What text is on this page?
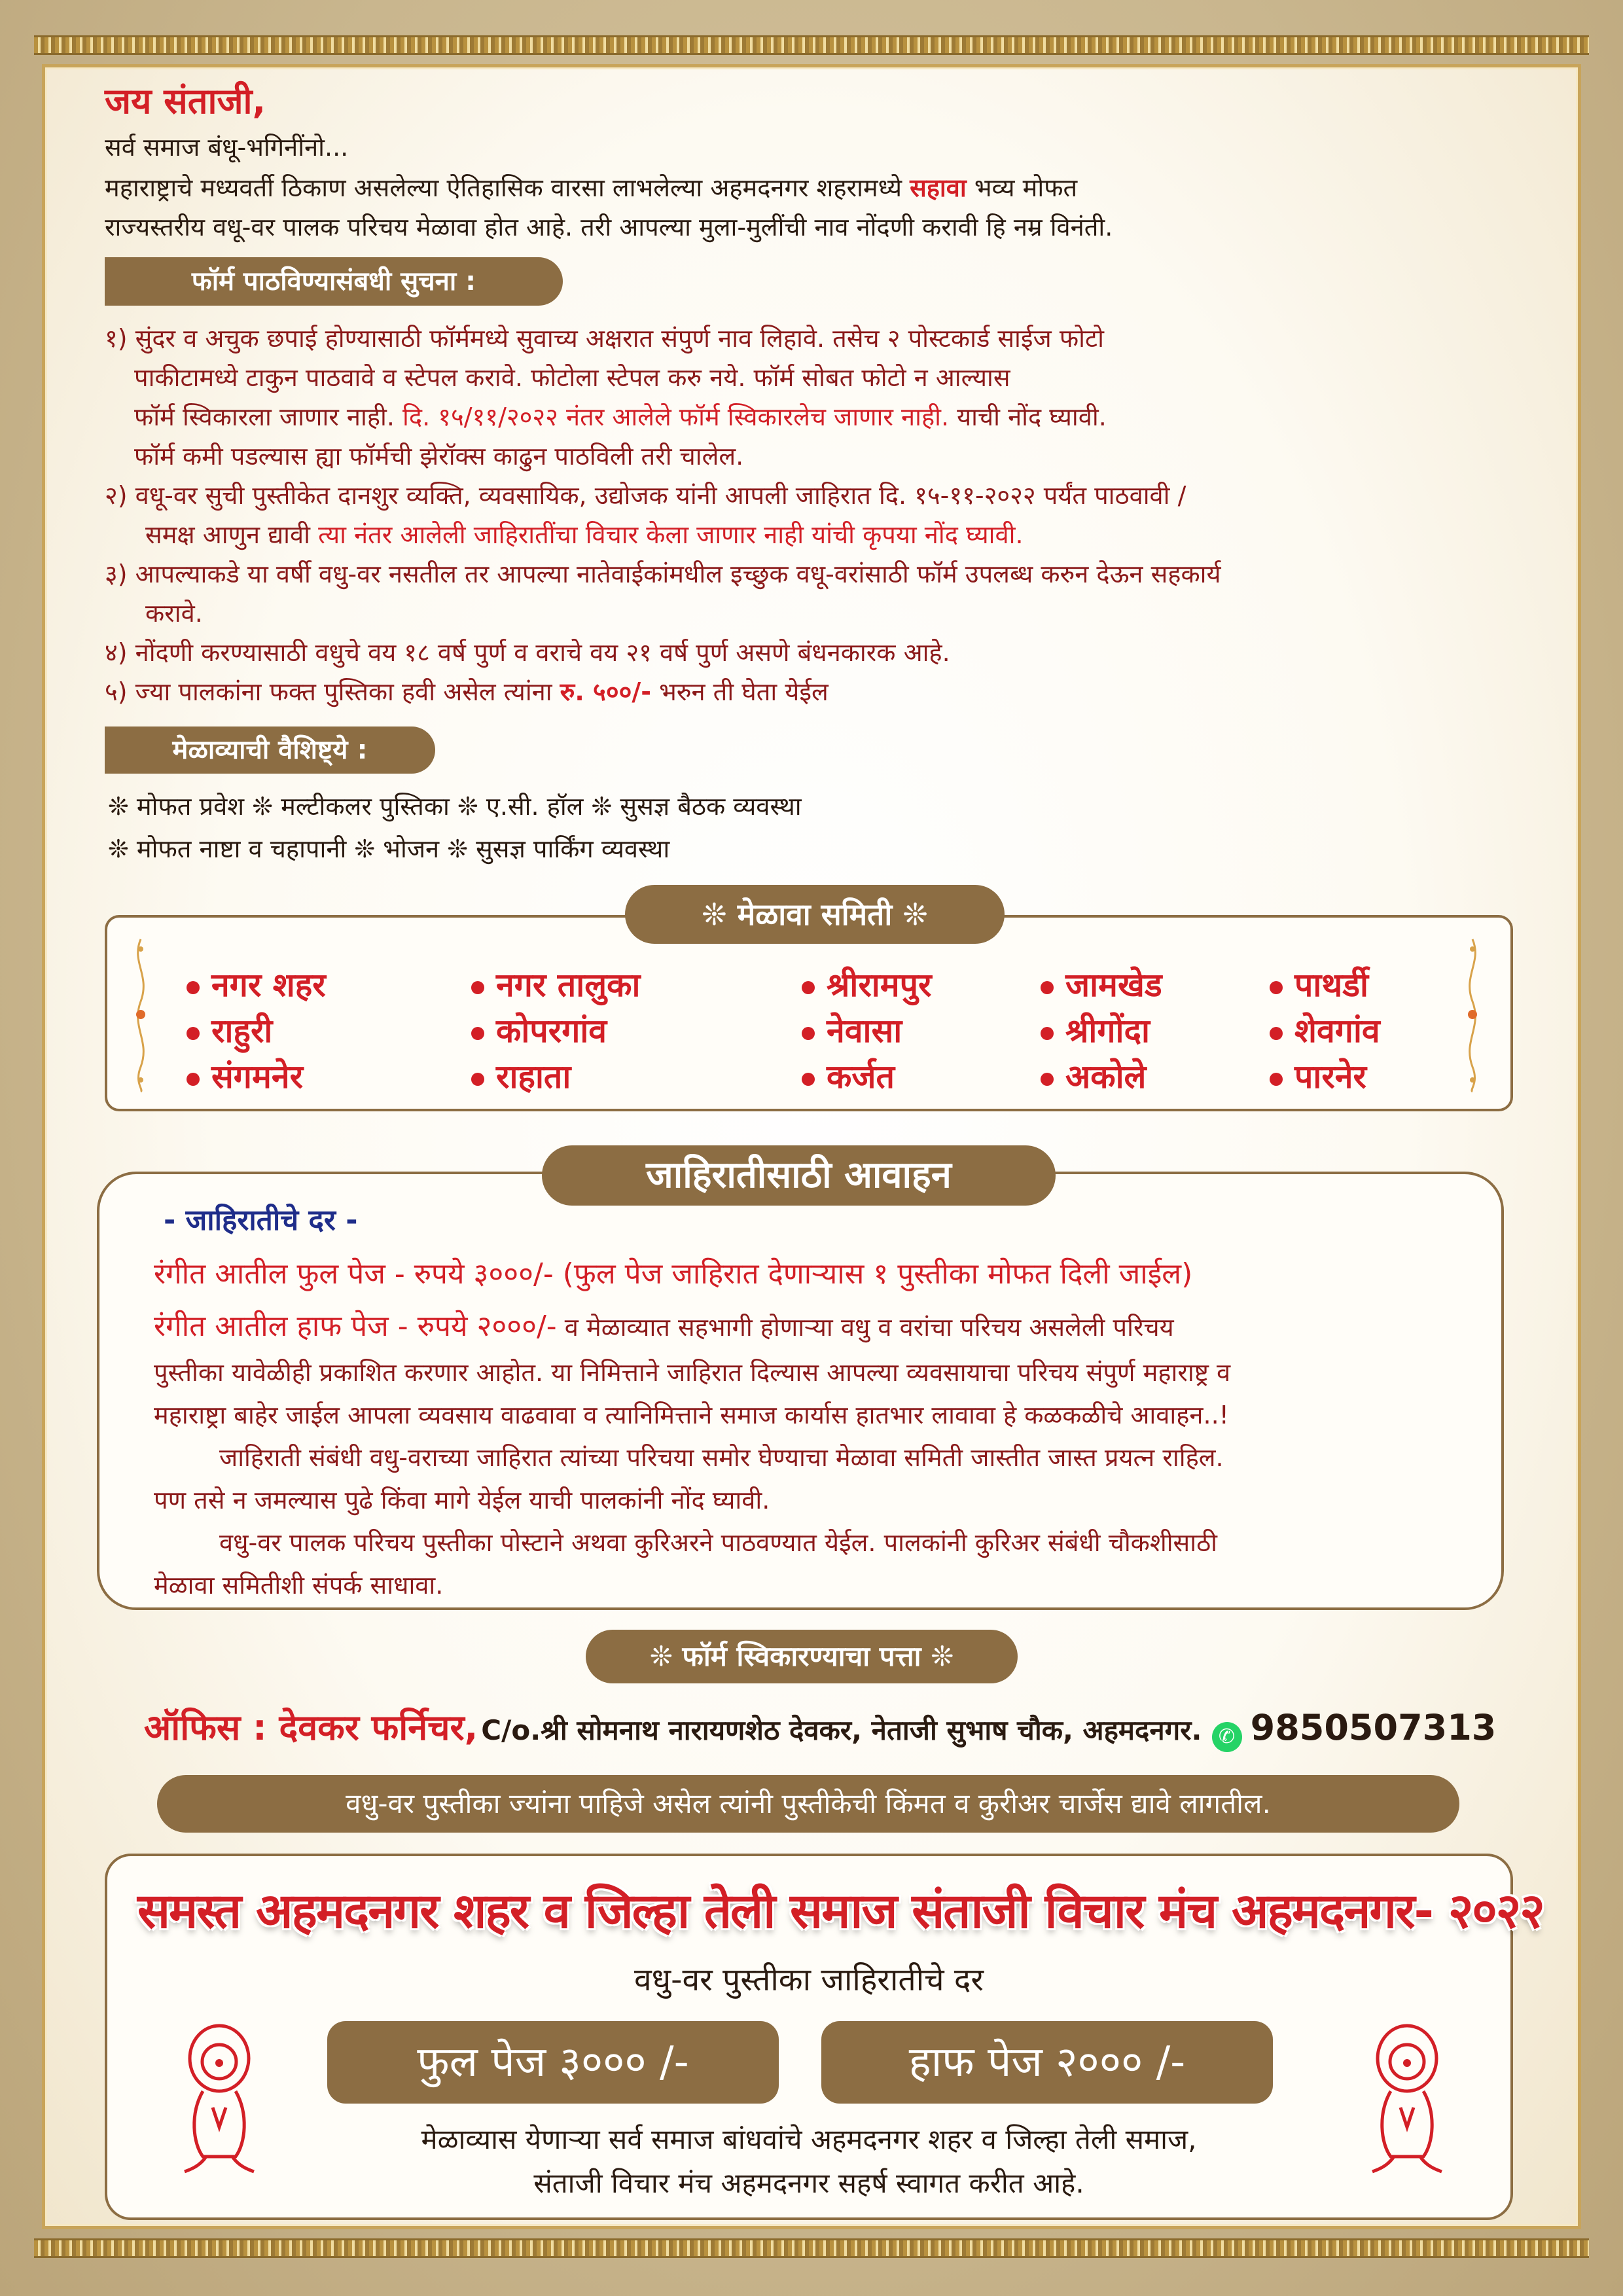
जय संताजी,
सर्व समाज बंधू-भगिनींनो...
महाराष्ट्राचे मध्यवर्ती ठिकाण असलेल्या ऐतिहासिक वारसा लाभलेल्या अहमदनगर शहरामध्ये सहावा भव्य मोफत
राज्यस्तरीय वधू-वर पालक परिचय मेळावा होत आहे. तरी आपल्या मुला-मुलींची नाव नोंदणी करावी हि नम्र विनंती.
फॉर्म पाठविण्यासंबधी सुचना :
१) सुंदर व अचुक छपाई होण्यासाठी फॉर्ममध्ये सुवाच्य अक्षरात संपुर्ण नाव लिहावे. तसेच २ पोस्टकार्ड साईज फोटो
पाकीटामध्ये टाकुन पाठवावे व स्टेपल करावे. फोटोला स्टेपल करु नये. फॉर्म सोबत फोटो न आल्यास
फॉर्म स्विकारला जाणार नाही. दि. १५/११/२०२२ नंतर आलेले फॉर्म स्विकारलेच जाणार नाही. याची नोंद घ्यावी.
फॉर्म कमी पडल्यास ह्या फॉर्मची झेरॉक्स काढुन पाठविली तरी चालेल.
२) वधू-वर सुची पुस्तीकेत दानशुर व्यक्ति, व्यवसायिक, उद्योजक यांनी आपली जाहिरात दि. १५-११-२०२२ पर्यंत पाठवावी /
समक्ष आणुन द्यावी त्या नंतर आलेली जाहिरातींचा विचार केला जाणार नाही यांची कृपया नोंद घ्यावी.
३) आपल्याकडे या वर्षी वधु-वर नसतील तर आपल्या नातेवाईकांमधील इच्छुक वधू-वरांसाठी फॉर्म उपलब्ध करुन देऊन सहकार्य
करावे.
४) नोंदणी करण्यासाठी वधुचे वय १८ वर्ष पुर्ण व वराचे वय २१ वर्ष पुर्ण असणे बंधनकारक आहे.
५) ज्या पालकांना फक्त पुस्तिका हवी असेल त्यांना रु. ५००/- भरुन ती घेता येईल
मेळाव्याची वैशिष्ट्ये :
❊ मोफत प्रवेश ❊ मल्टीकलर पुस्तिका ❊ ए.सी. हॉल ❊ सुसज्ञ बैठक व्यवस्था
❊ मोफत नाष्टा व चहापानी ❊ भोजन ❊ सुसज्ञ पार्किंग व्यवस्था
❊ मेळावा समिती ❊
नगर शहर
राहुरी
संगमनेर
नगर तालुका
कोपरगांव
राहाता
श्रीरामपुर
नेवासा
कर्जत
जामखेड
श्रीगोंदा
अकोले
पाथर्डी
शेवगांव
पारनेर
जाहिरातीसाठी आवाहन
- जाहिरातीचे दर -
रंगीत आतील फुल पेज - रुपये ३०००/- (फुल पेज जाहिरात देणाऱ्यास १ पुस्तीका मोफत दिली जाईल)
रंगीत आतील हाफ पेज - रुपये २०००/- व मेळाव्यात सहभागी होणाऱ्या वधु व वरांचा परिचय असलेली परिचय
पुस्तीका यावेळीही प्रकाशित करणार आहोत. या निमित्ताने जाहिरात दिल्यास आपल्या व्यवसायाचा परिचय संपुर्ण महाराष्ट्र व
महाराष्ट्रा बाहेर जाईल आपला व्यवसाय वाढवावा व त्यानिमित्ताने समाज कार्यास हातभार लावावा हे कळकळीचे आवाहन..!
जाहिराती संबंधी वधु-वराच्या जाहिरात त्यांच्या परिचया समोर घेण्याचा मेळावा समिती जास्तीत जास्त प्रयत्न राहिल.
पण तसे न जमल्यास पुढे किंवा मागे येईल याची पालकांनी नोंद घ्यावी.
वधु-वर पालक परिचय पुस्तीका पोस्टाने अथवा कुरिअरने पाठवण्यात येईल. पालकांनी कुरिअर संबंधी चौकशीसाठी
मेळावा समितीशी संपर्क साधावा.
❊ फॉर्म स्विकारण्याचा पत्ता ❊
ऑफिस : देवकर फर्निचर, C/o.श्री सोमनाथ नारायणशेठ देवकर, नेताजी सुभाष चौक, अहमदनगर. ✆ 9850507313
वधु-वर पुस्तीका ज्यांना पाहिजे असेल त्यांनी पुस्तीकेची किंमत व कुरीअर चार्जेस द्यावे लागतील.
समस्त अहमदनगर शहर व जिल्हा तेली समाज संताजी विचार मंच अहमदनगर- २०२२
वधु-वर पुस्तीका जाहिरातीचे दर
फुल पेज ३००० /-	हाफ पेज २००० /-
मेळाव्यास येणाऱ्या सर्व समाज बांधवांचे अहमदनगर शहर व जिल्हा तेली समाज,
संताजी विचार मंच अहमदनगर सहर्ष स्वागत करीत आहे.
